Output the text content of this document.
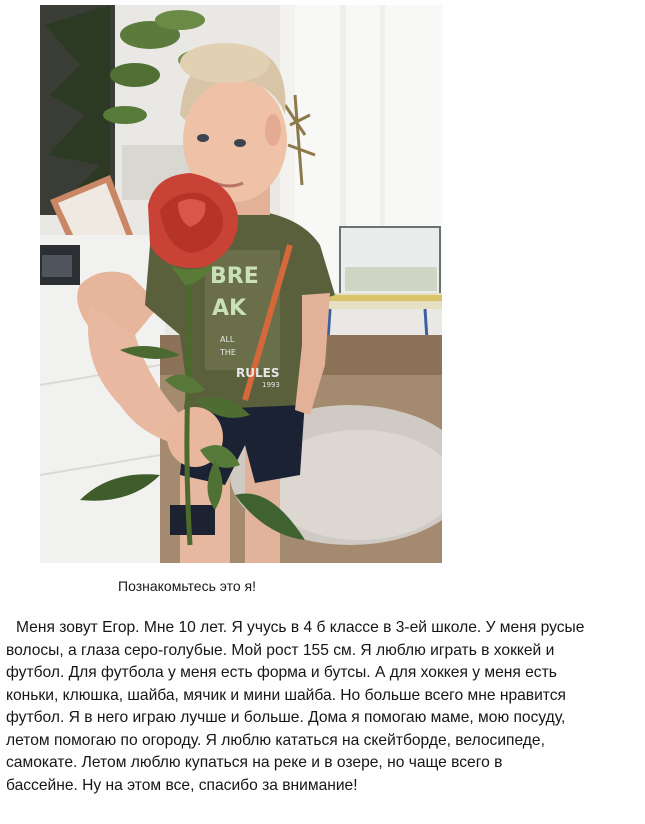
BRE
AK
ALL
THE
RULES
1993
Познакомьтесь это я!
Меня зовут Егор. Мне 10 лет. Я учусь в 4 б классе в 3-ей школе. У меня русые
волосы, а глаза серо-голубые. Мой рост 155 см. Я люблю играть в хоккей и
футбол. Для футбола у меня есть форма и бутсы. А для хоккея у меня есть
коньки, клюшка, шайба, мячик и мини шайба. Но больше всего мне нравится
футбол. Я в него играю лучше и больше. Дома я помогаю маме, мою посуду,
летом помогаю по огороду. Я люблю кататься на скейтборде, велосипеде,
самокате. Летом люблю купаться на реке и в озере, но чаще всего в
бассейне. Ну на этом все, спасибо за внимание!
